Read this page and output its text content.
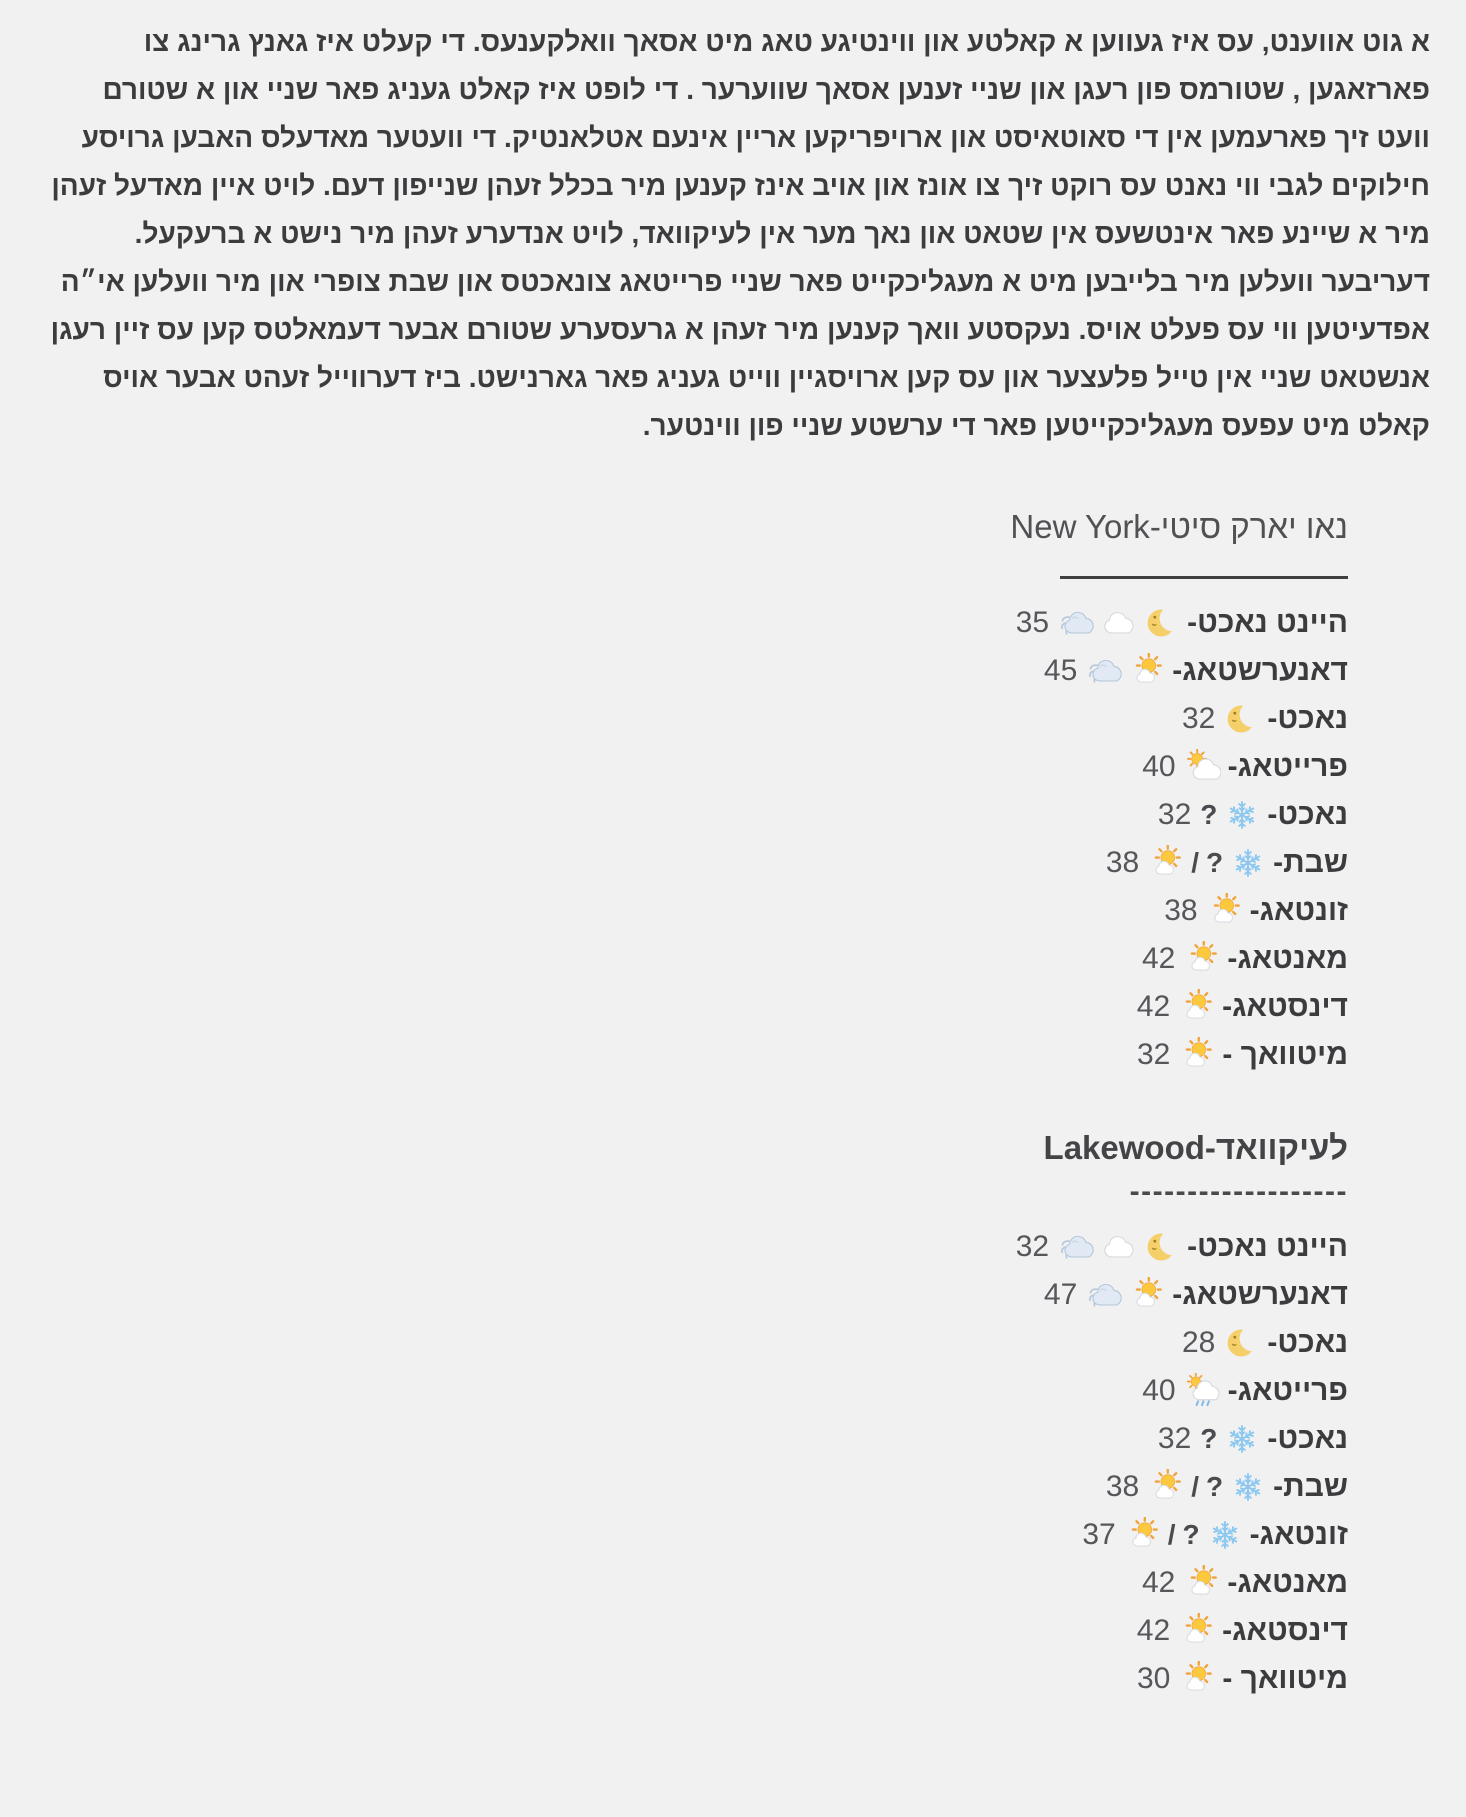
א גוט אווענט, עס איז געווען א קאלטע און ווינטיגע טאג מיט אסאך וואלקענעס. די קעלט איז גאנץ גרינג צו פארזאגען , שטורמס פון רעגן און שניי זענען אסאך שווערער . די לופט איז קאלט געניג פאר שניי און א שטורם וועט זיך פארעמען אין די סאוטאיסט און ארויפריקען אריין אינעם אטלאנטיק. די וועטער מאדעלס האבען גרויסע חילוקים לגבי ווי נאנט עס רוקט זיך צו אונז און אויב אינז קענען מיר בכלל זעהן שנייפון דעם. לויט איין מאדעל זעהן מיר א שיינע פאר אינטשעס אין שטאט און נאך מער אין לעיקוואד, לויט אנדערע זעהן מיר נישט א ברעקעל. דעריבער וועלען מיר בלייבען מיט א מעגליכקייט פאר שניי פרייטאג צונאכטס און שבת צופרי און מיר וועלען אי״ה אפדעיטען ווי עס פעלט אויס. נעקסטע וואך קענען מיר זעהן א גרעסערע שטורם אבער דעמאלטס קען עס זיין רעגן אנשטאט שניי אין טייל פלעצער און עס קען ארויסגיין ווייט געניג פאר גארנישט. ביז דערווייל זעהט אבער אויס קאלט מיט עפעס מעגליכקייטען פאר די ערשטע שניי פון ווינטער.
נאו יארק סיטי-New York
היינט נאכט-
35
דאנערשטאג-
45
נאכט-
32
פרייטאג-
40
נאכט-
?
32
שבת-
?
/
38
זונטאג-
38
מאנטאג-
42
דינסטאג-
42
מיטוואך -
32
לעיקוואד-Lakewood
-------------------
היינט נאכט-
32
דאנערשטאג-
47
נאכט-
28
פרייטאג-
40
נאכט-
?
32
שבת-
?
/
38
זונטאג-
?
/
37
מאנטאג-
42
דינסטאג-
42
מיטוואך -
30
